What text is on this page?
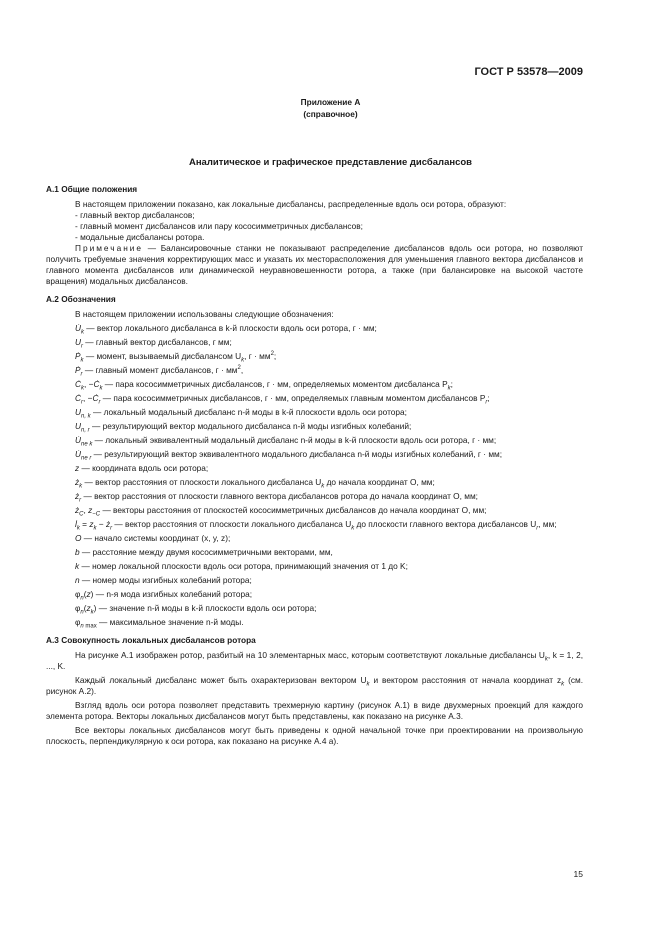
ГОСТ Р 53578—2009
Приложение А
(справочное)
Аналитическое и графическое представление дисбалансов

А.1 Общие положения

В настоящем приложении показано, как локальные дисбалансы, распределенные вдоль оси ротора, образуют:

- главный вектор дисбалансов;

- главный момент дисбалансов или пару кососимметричных дисбалансов;

- модальные дисбалансы ротора.

Примечание — Балансировочные станки не показывают распределение дисбалансов вдоль оси ротора, но позволяют получить требуемые значения корректирующих масс и указать их месторасположения для уменьшения главного вектора дисбалансов и главного момента дисбалансов или динамической неуравновешенности ротора, а также (при балансировке на высокой частоте вращения) модальных дисбалансов.

А.2 Обозначения

В настоящем приложении использованы следующие обозначения:

$U̇_k$ — вектор локального дисбаланса в k-й плоскости вдоль оси ротора, г · мм;

$U_r$ — главный вектор дисбалансов, г мм;

$Ṗ_k$ — момент, вызываемый дисбалансом $U_k$, $г \cdot мм^2$;

$Ṗ_r$ — главный момент дисбалансов, $г \cdot мм^2$,

$Ċ_k$, $-Ċ_k$ — пара кососимметричных дисбалансов, г · мм, определяемых моментом дисбаланса $P_k$;

$Ċ_r$, $-Ċ_r$ — пара кососимметричных дисбалансов, г · мм, определяемых главным моментом дисбалансов $P_r$;

$U_{n, k}$ — локальный модальный дисбаланс n-й моды в k-й плоскости вдоль оси ротора;

$U_{n, r}$ — результирующий вектор модального дисбаланса n-й моды изгибных колебаний;

$U̇_{ne k}$ — локальный эквивалентный модальный дисбаланс n-й моды в k-й плоскости вдоль оси ротора, г · мм;

$U̇_{ne r}$ — результирующий вектор эквивалентного модального дисбаланса n-й моды изгибных колебаний, г · мм;

z — координата вдоль оси ротора;

$ż_k$ — вектор расстояния от плоскости локального дисбаланса $U_k$ до начала координат O, мм;

$ż_r$ — вектор расстояния от плоскости главного вектора дисбалансов ротора до начала координат O, мм;

$ż_C$, $z_{-C}$ — векторы расстояния от плоскостей кососимметричных дисбалансов до начала координат O, мм;

$l̇_k = z_k$ − $ż_r$ — вектор расстояния от плоскости локального дисбаланса $U_k$ до плоскости главного вектора дисбалансов $U_r$, мм;

O — начало системы координат (x, y, z);

b — расстояние между двумя кососимметричными векторами, мм,

k — номер локальной плоскости вдоль оси ротора, принимающий значения от 1 до K;

n — номер моды изгибных колебаний ротора;

$\varphi_n(z)$ — n-я мода изгибных колебаний ротора;

$\varphi_n(z_k)$ — значение n-й моды в k-й плоскости вдоль оси ротора;

$\varphi_{n max}$ — максимальное значение n-й моды.

А.3 Совокупность локальных дисбалансов ротора

На рисунке А.1 изображен ротор, разбитый на 10 элементарных масс, которым соответствуют локальные дисбалансы $U_k$, k = 1, 2, ..., K.

Каждый локальный дисбаланс может быть охарактеризован вектором $U_k$ и вектором расстояния от начала координат $z_k$ (см. рисунок А.2).

Взгляд вдоль оси ротора позволяет представить трехмерную картину (рисунок А.1) в виде двухмерных проекций для каждого элемента ротора. Векторы локальных дисбалансов могут быть представлены, как показано на рисунке А.3.

Все векторы локальных дисбалансов могут быть приведены к одной начальной точке при проектировании на произвольную плоскость, перпендикулярную к оси ротора, как показано на рисунке А.4 а).

15
